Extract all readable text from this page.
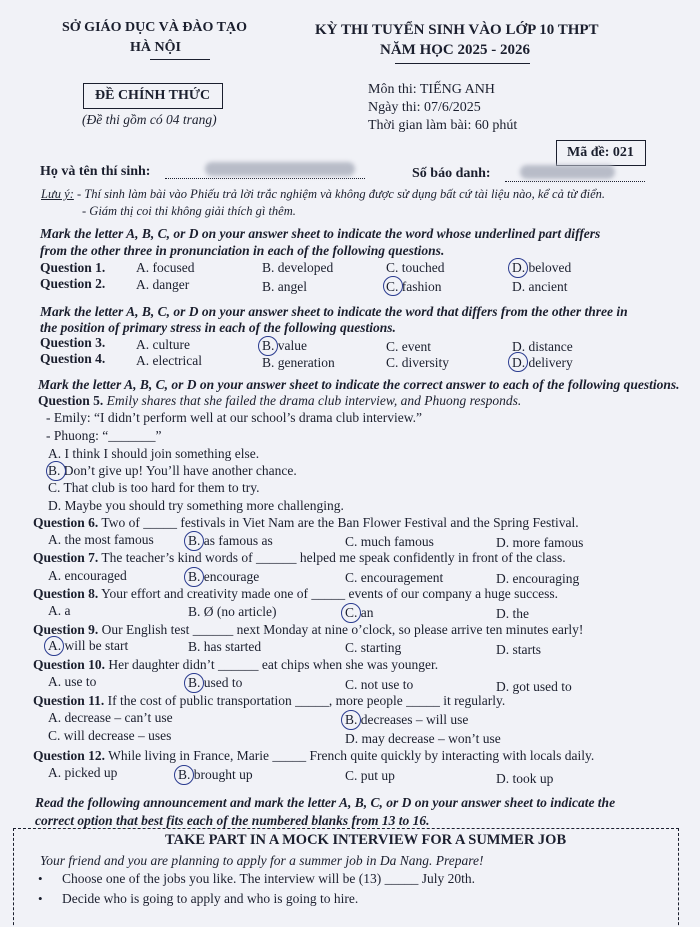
SỞ GIÁO DỤC VÀ ĐÀO TẠO
HÀ NỘI
KỲ THI TUYỂN SINH VÀO LỚP 10 THPT
NĂM HỌC 2025 - 2026
ĐỀ CHÍNH THỨC
(Đề thi gồm có 04 trang)
Môn thi: TIẾNG ANH
Ngày thi: 07/6/2025
Thời gian làm bài: 60 phút
Mã đề: 021
Họ và tên thí sinh:	Số báo danh:
Lưu ý: - Thí sinh làm bài vào Phiếu trả lời trắc nghiệm và không được sử dụng bất cứ tài liệu nào, kể cả từ điển.
- Giám thị coi thi không giải thích gì thêm.
Mark the letter A, B, C, or D on your answer sheet to indicate the word whose underlined part differs
from the other three in pronunciation in each of the following questions.
Question 1. A. focused	B. developed	C. touched	D. beloved
Question 2. A. danger	B. angel	C. fashion	D. ancient
Mark the letter A, B, C, or D on your answer sheet to indicate the word that differs from the other three in
the position of primary stress in each of the following questions.
Question 3. A. culture	B. value	C. event	D. distance
Question 4. A. electrical	B. generation	C. diversity	D. delivery
Mark the letter A, B, C, or D on your answer sheet to indicate the correct answer to each of the following questions.
Question 5. Emily shares that she failed the drama club interview, and Phuong responds.
- Emily: “I didn’t perform well at our school’s drama club interview.”
- Phuong: “_______”
A. I think I should join something else.
B. Don’t give up! You’ll have another chance.
C. That club is too hard for them to try.
D. Maybe you should try something more challenging.
Question 6. Two of _____ festivals in Viet Nam are the Ban Flower Festival and the Spring Festival.
A. the most famous	B. as famous as	C. much famous	D. more famous
Question 7. The teacher’s kind words of ______ helped me speak confidently in front of the class.
A. encouraged	B. encourage	C. encouragement	D. encouraging
Question 8. Your effort and creativity made one of _____ events of our company a huge success.
A. a	B. Ø (no article)	C. an	D. the
Question 9. Our English test ______ next Monday at nine o’clock, so please arrive ten minutes early!
A. will be start	B. has started	C. starting	D. starts
Question 10. Her daughter didn’t ______ eat chips when she was younger.
A. use to	B. used to	C. not use to	D. got used to
Question 11. If the cost of public transportation _____, more people _____ it regularly.
A. decrease – can’t use	B. decreases – will use
C. will decrease – uses	D. may decrease – won’t use
Question 12. While living in France, Marie _____ French quite quickly by interacting with locals daily.
A. picked up	B. brought up	C. put up	D. took up
Read the following announcement and mark the letter A, B, C, or D on your answer sheet to indicate the
correct option that best fits each of the numbered blanks from 13 to 16.
TAKE PART IN A MOCK INTERVIEW FOR A SUMMER JOB
Your friend and you are planning to apply for a summer job in Da Nang. Prepare!
• Choose one of the jobs you like. The interview will be (13) _____ July 20th.
• Decide who is going to apply and who is going to hire.
